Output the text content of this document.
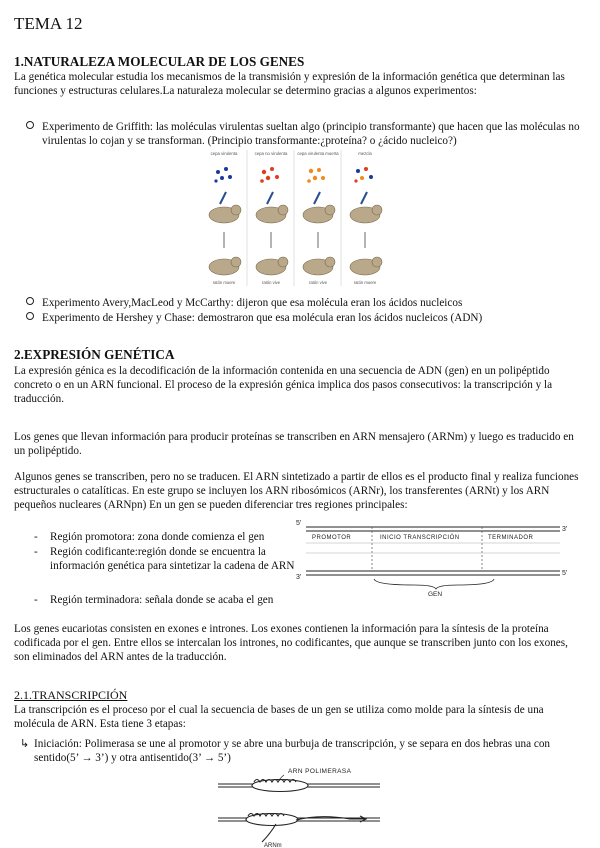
TEMA 12
1.NATURALEZA MOLECULAR DE LOS GENES
La genética molecular estudia los mecanismos de la transmisión y expresión de la información genética que determinan las funciones y estructuras celulares.La naturaleza molecular se determino gracias a algunos experimentos:
Experimento de Griffith: las moléculas virulentas sueltan algo (principio transformante) que hacen que las moléculas no virulentas lo cojan y se transforman. (Principio transformante:¿proteína? o ¿ácido nucleico?)
cepa virulenta	cepa no virulenta cepa virulenta muerta	mezcla
ratón muere	ratón vive	ratón vive	ratón muere
Experimento Avery,MacLeod y McCarthy: dijeron que esa molécula eran los ácidos nucleicos
Experimento de Hershey y Chase: demostraron que esa molécula eran los ácidos nucleicos (ADN)
2.EXPRESIÓN GENÉTICA
La expresión génica es la decodificación de la información contenida en una secuencia de ADN (gen) en un polipéptido concreto o en un ARN funcional. El proceso de la expresión génica implica dos pasos consecutivos: la transcripción y la traducción.
Los genes que llevan información para producir proteínas se transcriben en ARN mensajero (ARNm) y luego es traducido en un polipéptido.
Algunos genes se transcriben, pero no se traducen. El ARN sintetizado a partir de ellos es el producto final y realiza funciones estructurales o catalíticas. En este grupo se incluyen los ARN ribosómicos (ARNr), los transferentes (ARNt) y los ARN pequeños nucleares (ARNpn) En un gen se pueden diferenciar tres regiones principales:
- Región promotora: zona donde comienza el gen
- Región codificante:región donde se encuentra la información genética para sintetizar la cadena de ARN
- Región terminadora: señala donde se acaba el gen
5'
3'
3'
5'
PROMOTOR	INICIO TRANSCRIPCIÓN	TERMINADOR
GEN
Los genes eucariotas consisten en exones e intrones. Los exones contienen la información para la síntesis de la proteína codificada por el gen. Entre ellos se intercalan los intrones, no codificantes, que aunque se transcriben junto con los exones, son eliminados del ARN antes de la traducción.
2.1.TRANSCRIPCIÓN
La transcripción es el proceso por el cual la secuencia de bases de un gen se utiliza como molde para la síntesis de una molécula de ARN. Esta tiene 3 etapas:
↳ Iniciación: Polimerasa se une al promotor y se abre una burbuja de transcripción, y se separa en dos hebras una con sentido(5’ → 3’) y otra antisentido(3’ → 5’)
ARN POLIMERASA
ARNm
